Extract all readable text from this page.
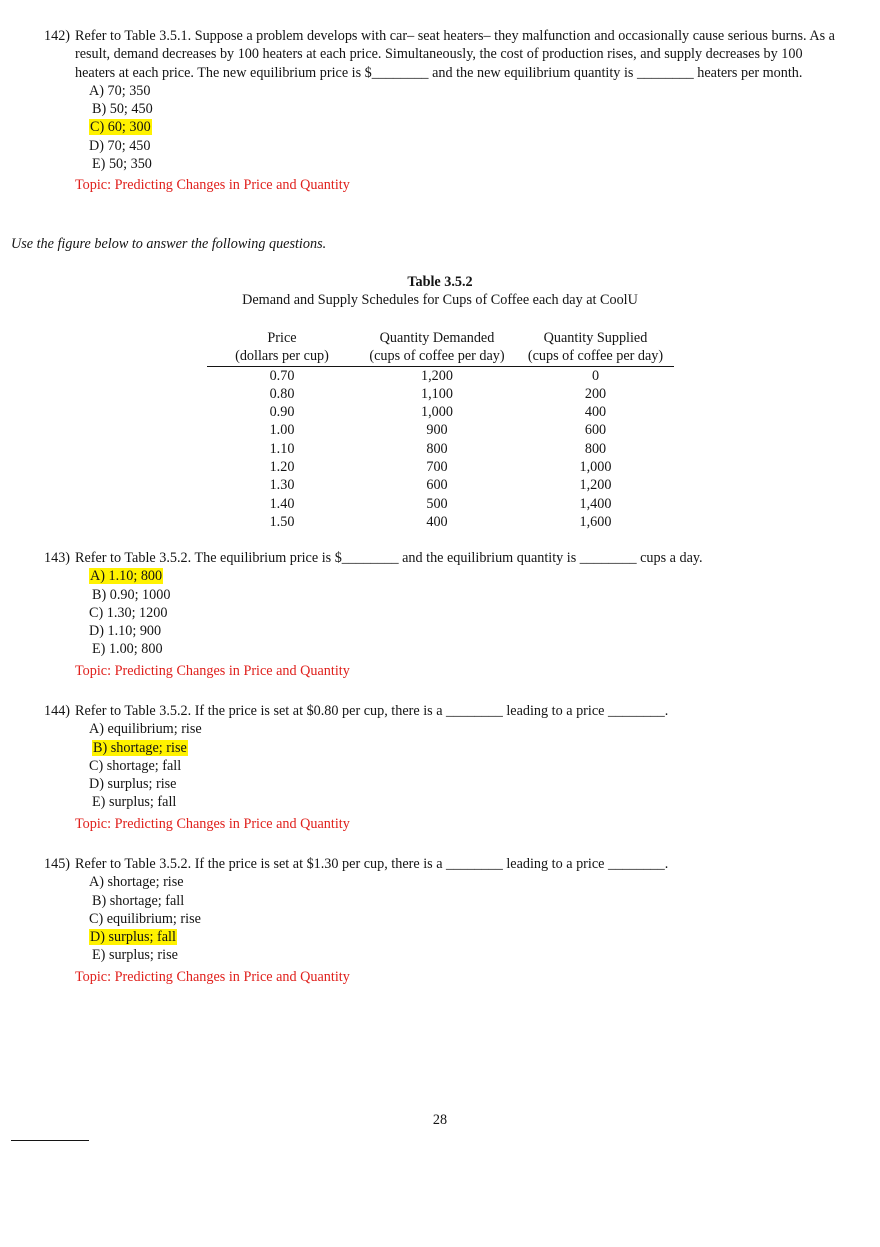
142) Refer to Table 3.5.1. Suppose a problem develops with car– seat heaters– they malfunction and occasionally cause serious burns. As a result, demand decreases by 100 heaters at each price. Simultaneously, the cost of production rises, and supply decreases by 100 heaters at each price. The new equilibrium price is $________ and the new equilibrium quantity is ________ heaters per month.
A) 70; 350
B) 50; 450
C) 60; 300
D) 70; 450
E) 50; 350
Topic: Predicting Changes in Price and Quantity
Use the figure below to answer the following questions.
Table 3.5.2
Demand and Supply Schedules for Cups of Coffee each day at CoolU
Price	Quantity Demanded	Quantity Supplied
(dollars per cup)	(cups of coffee per day)	(cups of coffee per day)
0.70	1,200	0
0.80	1,100	200
0.90	1,000	400
1.00	900	600
1.10	800	800
1.20	700	1,000
1.30	600	1,200
1.40	500	1,400
1.50	400	1,600
143) Refer to Table 3.5.2. The equilibrium price is $________ and the equilibrium quantity is ________ cups a day.
A) 1.10; 800
B) 0.90; 1000
C) 1.30; 1200
D) 1.10; 900
E) 1.00; 800
Topic: Predicting Changes in Price and Quantity
144) Refer to Table 3.5.2. If the price is set at $0.80 per cup, there is a ________ leading to a price ________.
A) equilibrium; rise
B) shortage; rise
C) shortage; fall
D) surplus; rise
E) surplus; fall
Topic: Predicting Changes in Price and Quantity
145) Refer to Table 3.5.2. If the price is set at $1.30 per cup, there is a ________ leading to a price ________.
A) shortage; rise
B) shortage; fall
C) equilibrium; rise
D) surplus; fall
E) surplus; rise
Topic: Predicting Changes in Price and Quantity
28
